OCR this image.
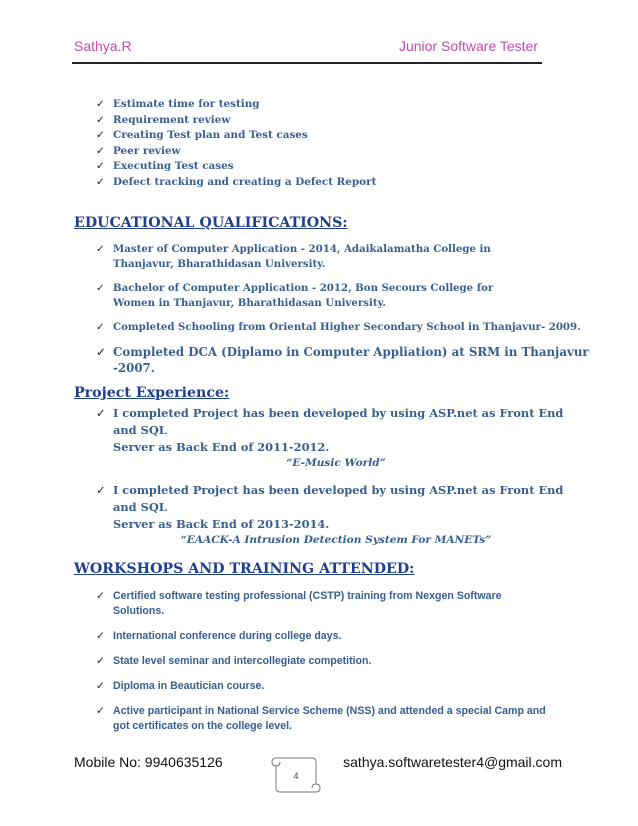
Sathya.R	Junior Software Tester
✓ Estimate time for testing
✓ Requirement review
✓ Creating Test plan and Test cases
✓ Peer review
✓ Executing Test cases
✓ Defect tracking and creating a Defect Report
EDUCATIONAL QUALIFICATIONS:
✓ Master of Computer Application - 2014, Adaikalamatha College in Thanjavur, Bharathidasan University.
✓ Bachelor of Computer Application - 2012, Bon Secours College for Women in Thanjavur, Bharathidasan University.
✓ Completed Schooling from Oriental Higher Secondary School in Thanjavur- 2009.
✓ Completed DCA (Diplamo in Computer Appliation) at SRM in Thanjavur -2007.
Project Experience:
✓ I completed Project has been developed by using ASP.net as Front End and SQL
Server as Back End of 2011-2012.
“E-Music World”
✓ I completed Project has been developed by using ASP.net as Front End and SQL
Server as Back End of 2013-2014.
“EAACK-A Intrusion Detection System For MANETs”
WORKSHOPS AND TRAINING ATTENDED:
✓ Certified software testing professional (CSTP) training from Nexgen Software Solutions.
✓ International conference during college days.
✓ State level seminar and intercollegiate competition.
✓ Diploma in Beautician course.
✓ Active participant in National Service Scheme (NSS) and attended a special Camp and got certificates on the college level.
Mobile No: 9940635126	sathya.softwaretester4@gmail.com
4
